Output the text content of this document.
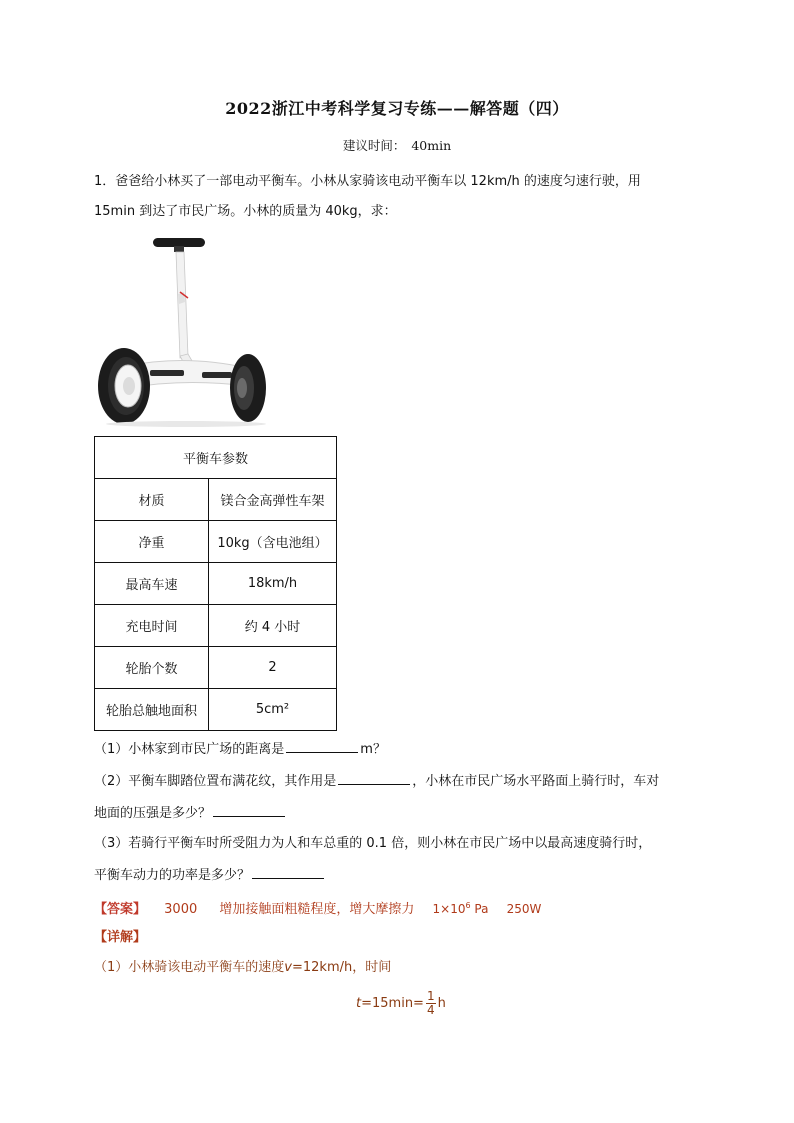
2022浙江中考科学复习专练——解答题（四）
建议时间： 40min
1．爸爸给小林买了一部电动平衡车。小林从家骑该电动平衡车以 12km/h 的速度匀速行驶，用
15min 到达了市民广场。小林的质量为 40kg，求：
平衡车参数	
材质	镁合金高弹性车架
净重	10kg（含电池组）
最高车速	18km/h
充电时间	约 4 小时
轮胎个数	2
轮胎总触地面积	5cm²
（1）小林家到市民广场的距离是	m？
（2）平衡车脚踏位置布满花纹，其作用是	，小林在市民广场水平路面上骑行时，车对
地面的压强是多少？
（3）若骑行平衡车时所受阻力为人和车总重的 0.1 倍，则小林在市民广场中以最高速度骑行时，
平衡车动力的功率是多少？
【答案】 3000 增加接触面粗糙程度，增大摩擦力 $1\times 10^6$ Pa 250W
【详解】
（1）小林骑该电动平衡车的速度v=12km/h，时间
$t =15\min= \frac{1}{4}$ h
